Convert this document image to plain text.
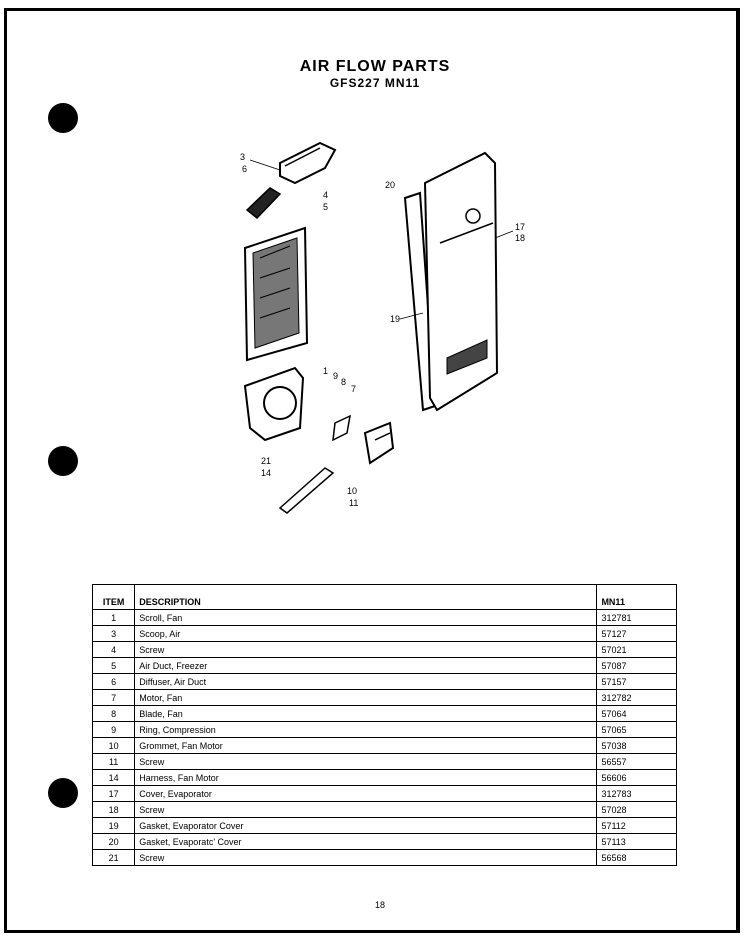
AIR FLOW PARTS
GFS227 MN11
3
6
4
5
1 9
8
7
21
14
10
11
20
17
18
19
ITEM	DESCRIPTION	MN11
1	Scroll, Fan	312781
3	Scoop, Air	57127
4	Screw	57021
5	Air Duct, Freezer	57087
6	Diffuser, Air Duct	57157
7	Motor, Fan	312782
8	Blade, Fan	57064
9	Ring, Compression	57065
10	Grommet, Fan Motor	57038
11	Screw	56557
14	Harness, Fan Motor	56606
17	Cover, Evaporator	312783
18	Screw	57028
19	Gasket, Evaporator Cover	57112
20	Gasket, Evaporatc' Cover	57113
21	Screw	56568
18
